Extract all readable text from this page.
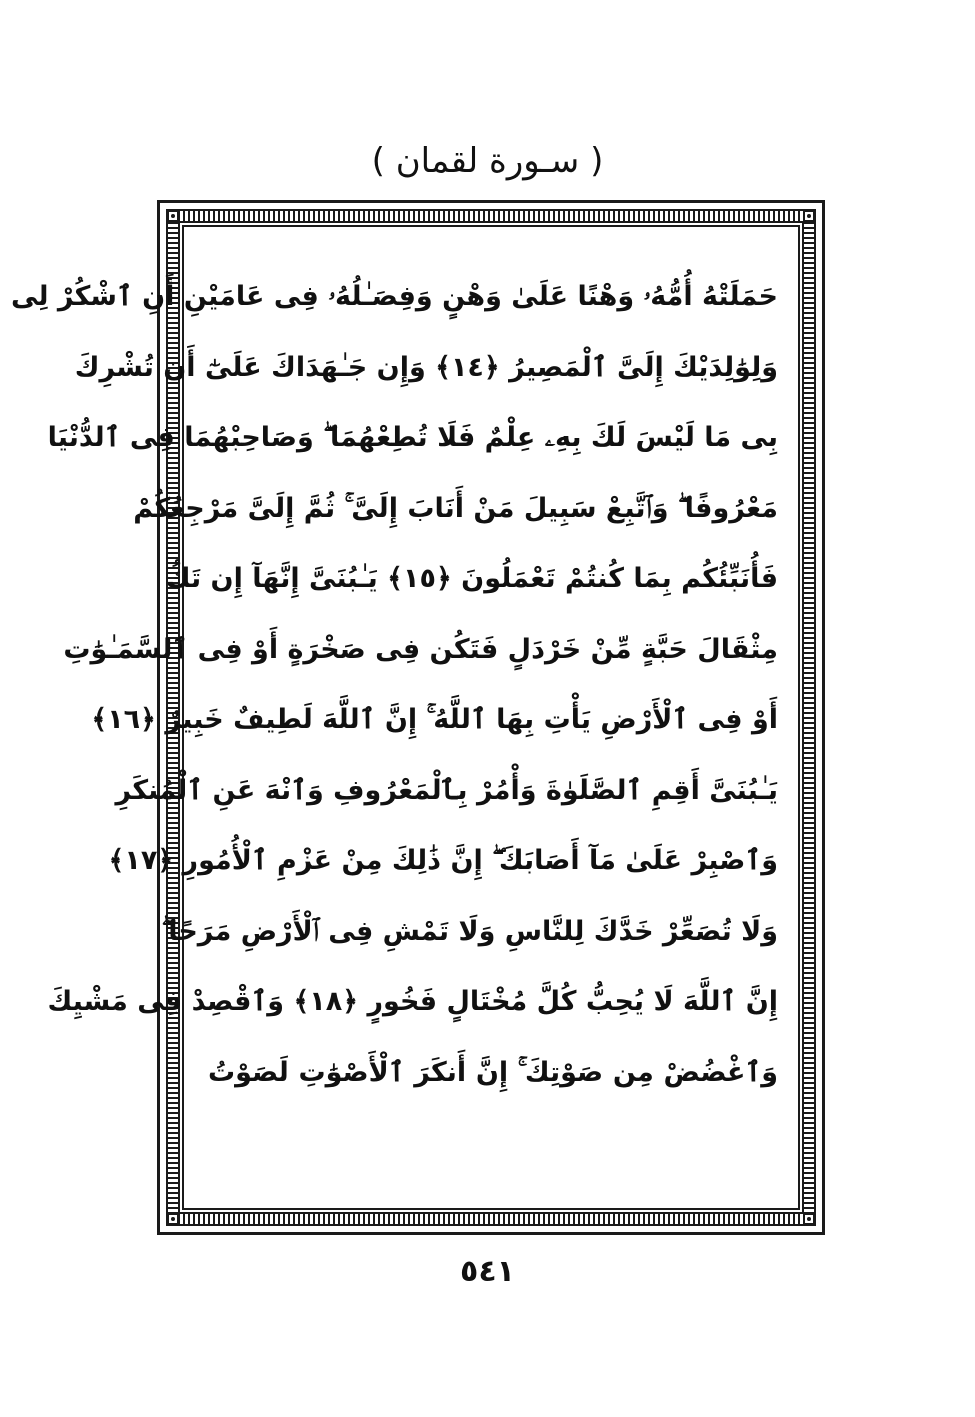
( سـورة لقمان )
حَمَلَتْهُ أُمُّهُۥ وَهْنًا عَلَىٰ وَهْنٍ وَفِصَـٰلُهُۥ فِى عَامَيْنِ أَنِ ٱشْكُرْ لِى
وَلِوَٰلِدَيْكَ إِلَىَّ ٱلْمَصِيرُ ﴿١٤﴾ وَإِن جَـٰهَدَاكَ عَلَىٰٓ أَن تُشْرِكَ
بِى مَا لَيْسَ لَكَ بِهِۦ عِلْمٌ فَلَا تُطِعْهُمَا ۖ وَصَاحِبْهُمَا فِى ٱلدُّنْيَا
مَعْرُوفًا ۖ وَٱتَّبِعْ سَبِيلَ مَنْ أَنَابَ إِلَىَّ ۚ ثُمَّ إِلَىَّ مَرْجِعُكُمْ
فَأُنَبِّئُكُم بِمَا كُنتُمْ تَعْمَلُونَ ﴿١٥﴾ يَـٰبُنَىَّ إِنَّهَآ إِن تَكُ
مِثْقَالَ حَبَّةٍ مِّنْ خَرْدَلٍ فَتَكُن فِى صَخْرَةٍ أَوْ فِى ٱلسَّمَـٰوَٰتِ
أَوْ فِى ٱلْأَرْضِ يَأْتِ بِهَا ٱللَّهُ ۚ إِنَّ ٱللَّهَ لَطِيفٌ خَبِيرٌ ﴿١٦﴾
يَـٰبُنَىَّ أَقِمِ ٱلصَّلَوٰةَ وَأْمُرْ بِٱلْمَعْرُوفِ وَٱنْهَ عَنِ ٱلْمُنكَرِ
وَٱصْبِرْ عَلَىٰ مَآ أَصَابَكَ ۖ إِنَّ ذَٰلِكَ مِنْ عَزْمِ ٱلْأُمُورِ ﴿١٧﴾
وَلَا تُصَعِّرْ خَدَّكَ لِلنَّاسِ وَلَا تَمْشِ فِى ٱلْأَرْضِ مَرَحًا ۖ
إِنَّ ٱللَّهَ لَا يُحِبُّ كُلَّ مُخْتَالٍ فَخُورٍ ﴿١٨﴾ وَٱقْصِدْ فِى مَشْيِكَ
وَٱغْضُضْ مِن صَوْتِكَ ۚ إِنَّ أَنكَرَ ٱلْأَصْوَٰتِ لَصَوْتُ
٥٤١
